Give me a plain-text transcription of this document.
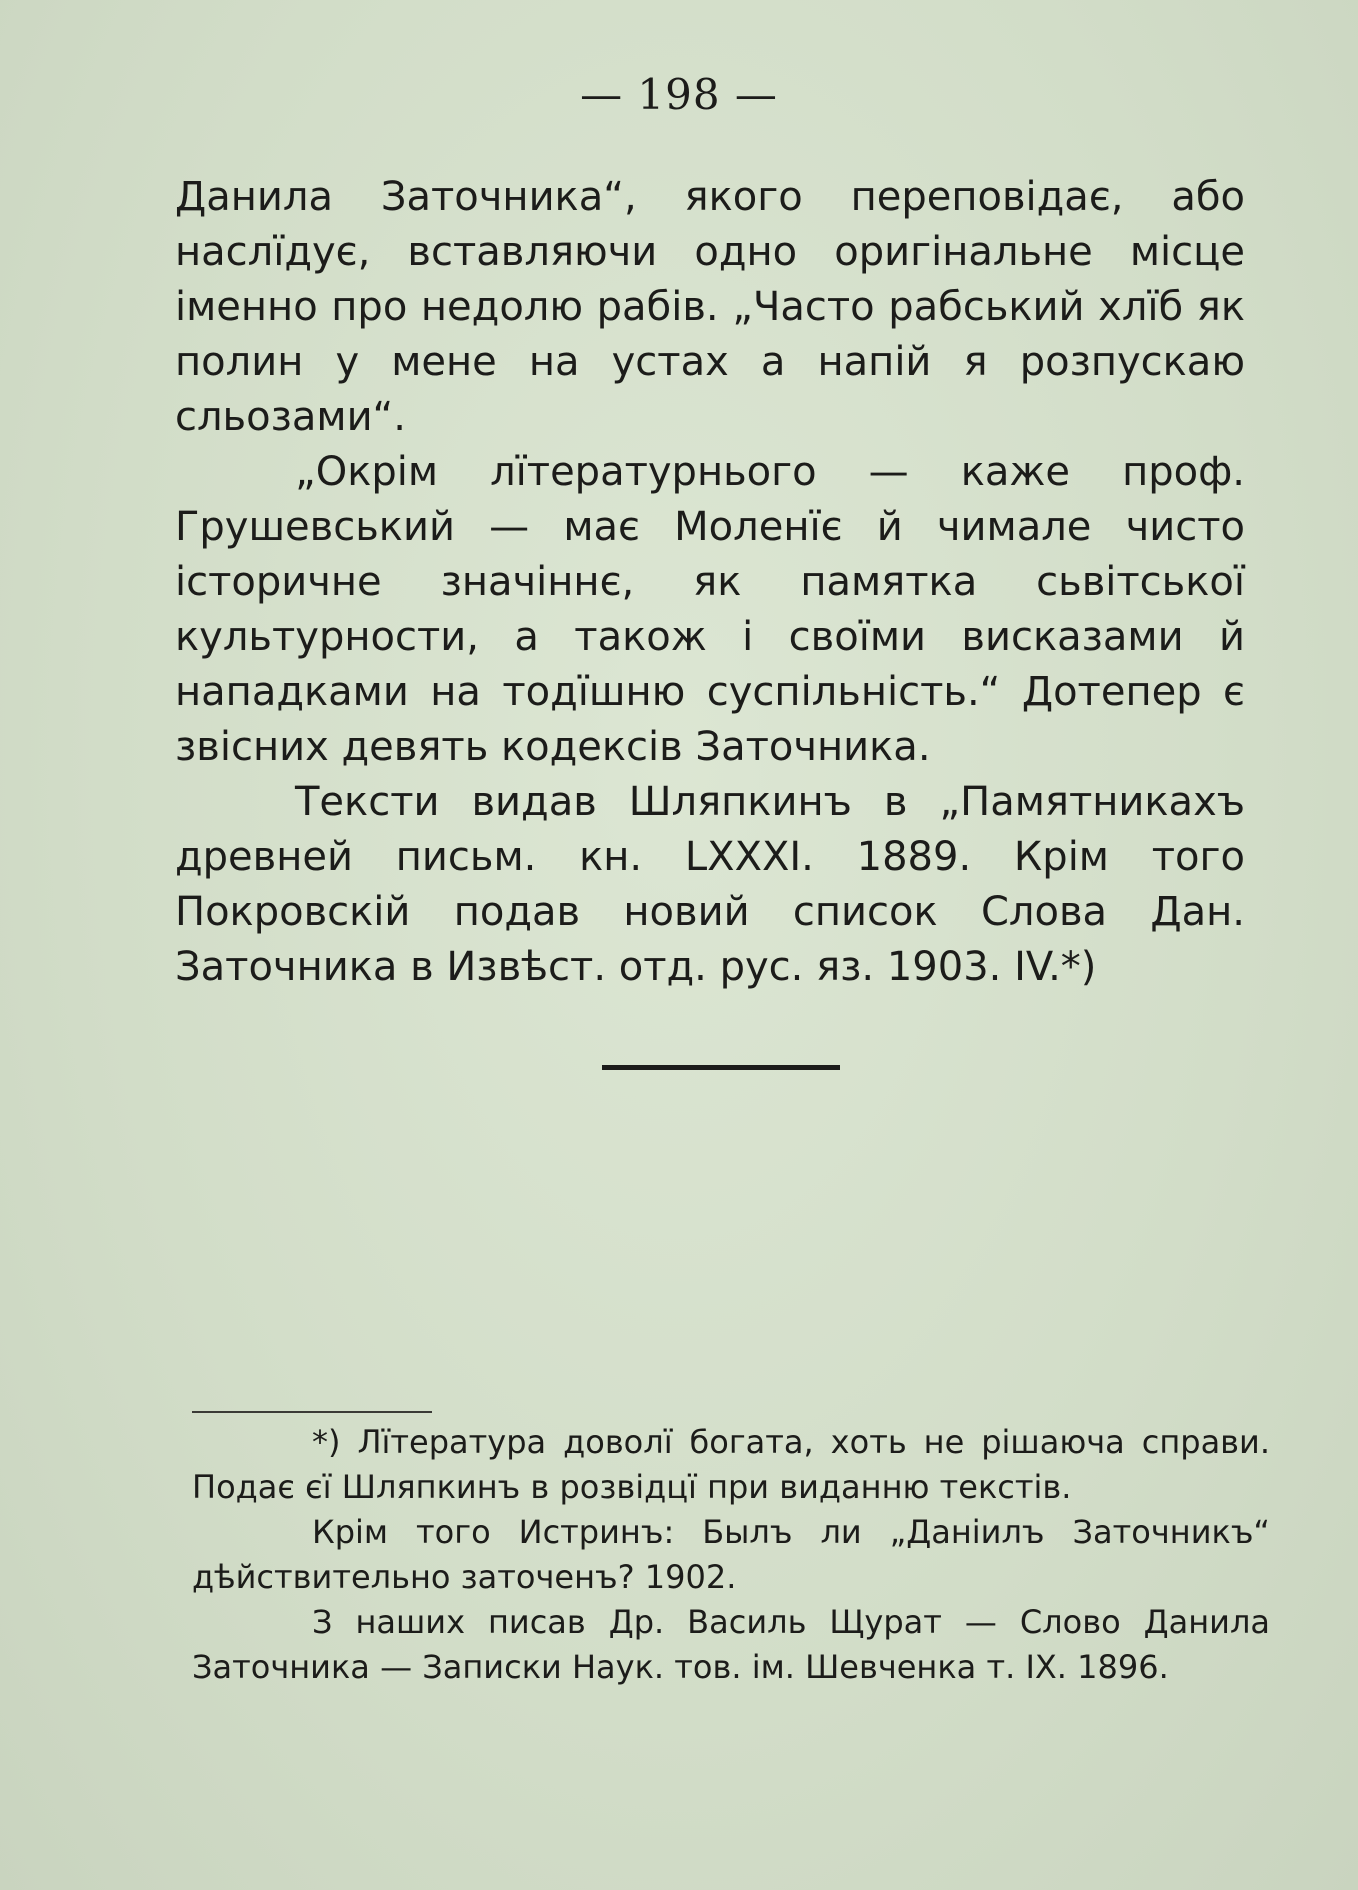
— 198 —

Данила Заточника“, якого переповідає, або наслїдує, вставляючи одно оригінальне місце іменно про недолю рабів. „Часто рабський хлїб як полин у мене на устах а напій я розпускаю сльозами“.

„Окрім лїтературнього — каже проф. Грушевський — має Моленїє й чимале чисто історичне значіннє, як памятка сьвітської культурности, а також і своїми висказами й нападками на тодїшню суспільність.“ Дотепер є звісних девять кодексів Заточника.

Тексти видав Шляпкинъ в „Памятникахъ древней письм. кн. LXXXI. 1889. Крім того Покровскій подав новий список Слова Дан. Заточника в Извѣст. отд. рус. яз. 1903. IV.*)

*) Лїтература доволї богата, хоть не рішаюча справи. Подає єї Шляпкинъ в розвідцї при виданню текстів.

Крім того Истринъ: Былъ ли „Даніилъ Заточникъ“ дѣйствительно заточенъ? 1902.

З наших писав Др. Василь Щурат — Слово Данила Заточника — Записки Наук. тов. ім. Шевченка т. IX. 1896.
